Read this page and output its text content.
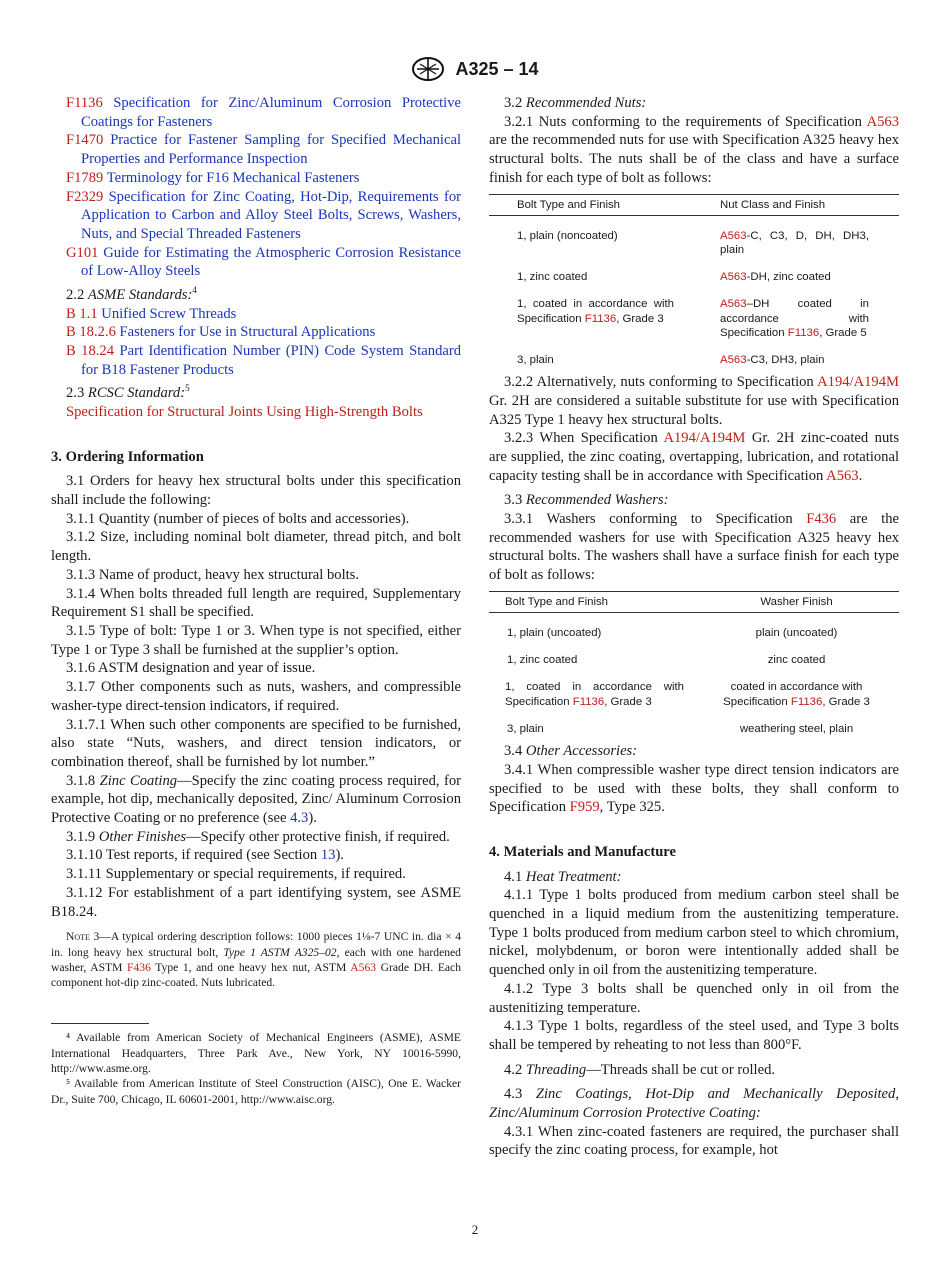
A325 – 14

F1136 Specification for Zinc/Aluminum Corrosion Protective Coatings for Fasteners

F1470 Practice for Fastener Sampling for Specified Mechanical Properties and Performance Inspection

F1789 Terminology for F16 Mechanical Fasteners

F2329 Specification for Zinc Coating, Hot-Dip, Requirements for Application to Carbon and Alloy Steel Bolts, Screws, Washers, Nuts, and Special Threaded Fasteners

G101 Guide for Estimating the Atmospheric Corrosion Resistance of Low-Alloy Steels

2.2 ASME Standards:$^4$

B 1.1 Unified Screw Threads

B 18.2.6 Fasteners for Use in Structural Applications

B 18.24 Part Identification Number (PIN) Code System Standard for B18 Fastener Products

2.3 RCSC Standard:$^5$

Specification for Structural Joints Using High-Strength Bolts

3. Ordering Information

3.1 Orders for heavy hex structural bolts under this specification shall include the following:

3.1.1 Quantity (number of pieces of bolts and accessories).

3.1.2 Size, including nominal bolt diameter, thread pitch, and bolt length.

3.1.3 Name of product, heavy hex structural bolts.

3.1.4 When bolts threaded full length are required, Supplementary Requirement S1 shall be specified.

3.1.5 Type of bolt: Type 1 or 3. When type is not specified, either Type 1 or Type 3 shall be furnished at the supplier’s option.

3.1.6 ASTM designation and year of issue.

3.1.7 Other components such as nuts, washers, and compressible washer-type direct-tension indicators, if required.

3.1.7.1 When such other components are specified to be furnished, also state “Nuts, washers, and direct tension indicators, or combination thereof, shall be furnished by lot number.”

3.1.8 Zinc Coating—Specify the zinc coating process required, for example, hot dip, mechanically deposited, Zinc/ Aluminum Corrosion Protective Coating or no preference (see 4.3).

3.1.9 Other Finishes—Specify other protective finish, if required.

3.1.10 Test reports, if required (see Section 13).

3.1.11 Supplementary or special requirements, if required.

3.1.12 For establishment of a part identifying system, see ASME B18.24.

Note 3—A typical ordering description follows: 1000 pieces 1⅛-7 UNC in. dia × 4 in. long heavy hex structural bolt, Type 1 ASTM A325–02, each with one hardened washer, ASTM F436 Type 1, and one heavy hex nut, ASTM A563 Grade DH. Each component hot-dip zinc-coated. Nuts lubricated.

⁴ Available from American Society of Mechanical Engineers (ASME), ASME International Headquarters, Three Park Ave., New York, NY 10016-5990, http://www.asme.org.

⁵ Available from American Institute of Steel Construction (AISC), One E. Wacker Dr., Suite 700, Chicago, IL 60601-2001, http://www.aisc.org.

3.2 Recommended Nuts:

3.2.1 Nuts conforming to the requirements of Specification A563 are the recommended nuts for use with Specification A325 heavy hex structural bolts. The nuts shall be of the class and have a surface finish for each type of bolt as follows:

Bolt Type and Finish	Nut Class and Finish

1, plain (noncoated)	A563-C, C3, D, DH, DH3, plain

1, zinc coated	A563-DH, zinc coated

1, coated in accordance with Specification F1136, Grade 3	A563–DH coated in accordance with Specification F1136, Grade 5

3, plain	A563-C3, DH3, plain

3.2.2 Alternatively, nuts conforming to Specification A194/A194M Gr. 2H are considered a suitable substitute for use with Specification A325 Type 1 heavy hex structural bolts.

3.2.3 When Specification A194/A194M Gr. 2H zinc-coated nuts are supplied, the zinc coating, overtapping, lubrication, and rotational capacity testing shall be in accordance with Specification A563.

3.3 Recommended Washers:

3.3.1 Washers conforming to Specification F436 are the recommended washers for use with Specification A325 heavy hex structural bolts. The washers shall have a surface finish for each type of bolt as follows:

Bolt Type and Finish	Washer Finish

1, plain (uncoated)	plain (uncoated)

1, zinc coated	zinc coated

1, coated in accordance with Specification F1136, Grade 3	coated in accordance with Specification F1136, Grade 3

3, plain	weathering steel, plain

3.4 Other Accessories:

3.4.1 When compressible washer type direct tension indicators are specified to be used with these bolts, they shall conform to Specification F959, Type 325.

4. Materials and Manufacture

4.1 Heat Treatment:

4.1.1 Type 1 bolts produced from medium carbon steel shall be quenched in a liquid medium from the austenitizing temperature. Type 1 bolts produced from medium carbon steel to which chromium, nickel, molybdenum, or boron were intentionally added shall be quenched only in oil from the austenitizing temperature.

4.1.2 Type 3 bolts shall be quenched only in oil from the austenitizing temperature.

4.1.3 Type 1 bolts, regardless of the steel used, and Type 3 bolts shall be tempered by reheating to not less than 800°F.

4.2 Threading—Threads shall be cut or rolled.

4.3 Zinc Coatings, Hot-Dip and Mechanically Deposited, Zinc/Aluminum Corrosion Protective Coating:

4.3.1 When zinc-coated fasteners are required, the purchaser shall specify the zinc coating process, for example, hot

2
